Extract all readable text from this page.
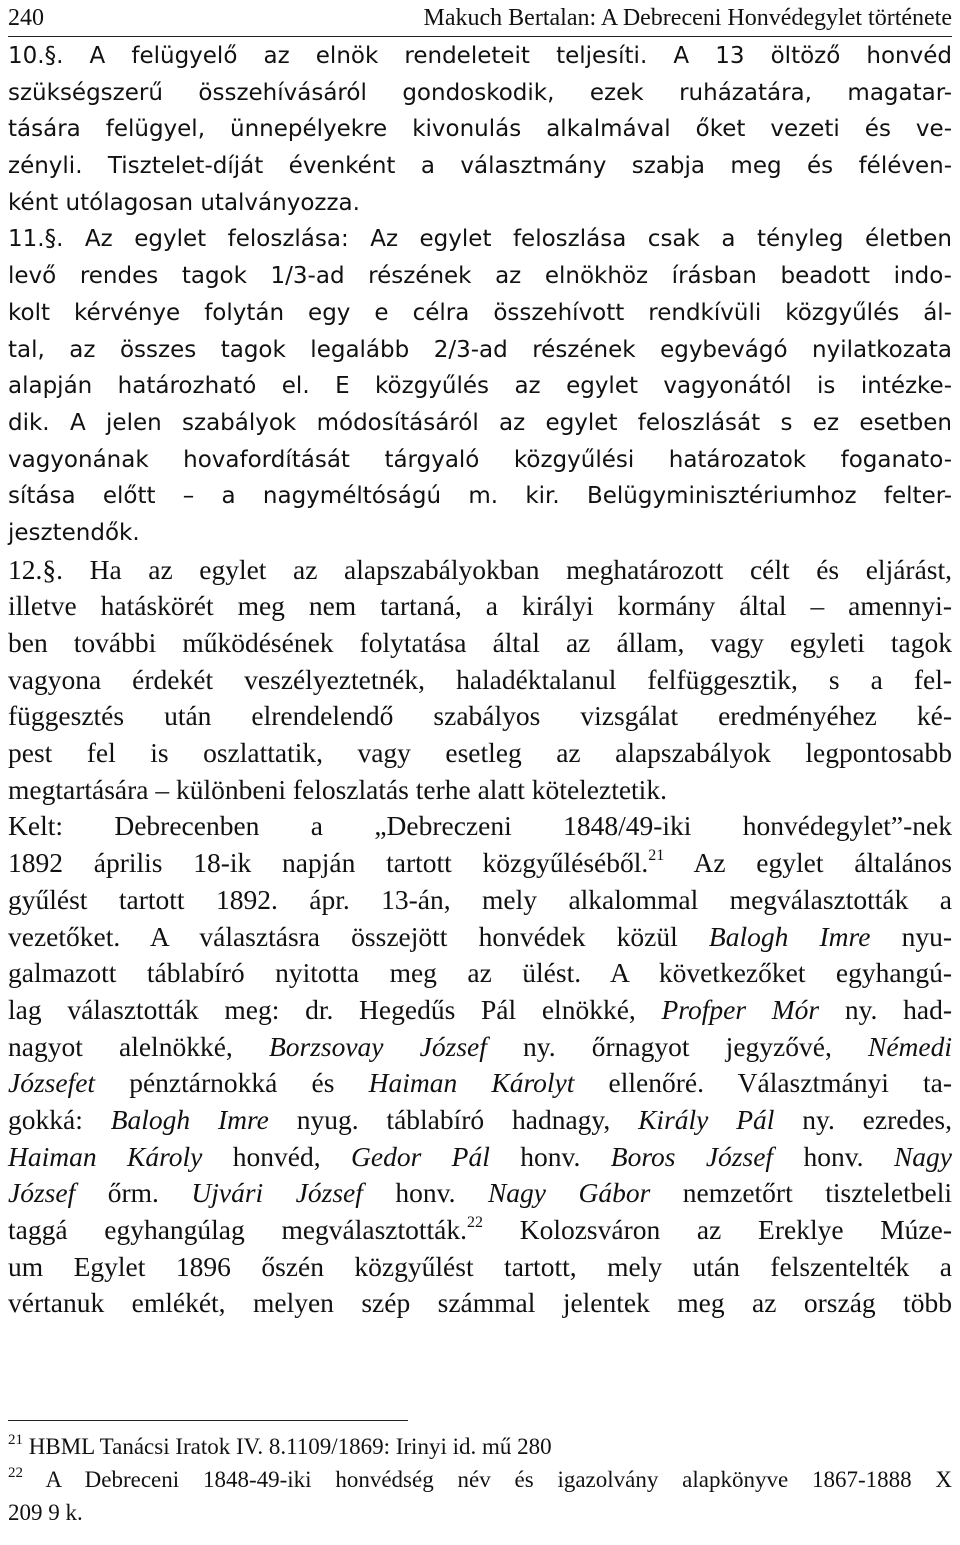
240	Makuch Bertalan: A Debreceni Honvédegylet története
10.§. A felügyelő az elnök rendeleteit teljesíti. A 13 öltöző honvéd
szükségszerű összehívásáról gondoskodik, ezek ruházatára, magatar-
tására felügyel, ünnepélyekre kivonulás alkalmával őket vezeti és ve-
zényli. Tisztelet-díját évenként a választmány szabja meg és féléven-
ként utólagosan utalványozza.
11.§. Az egylet feloszlása: Az egylet feloszlása csak a tényleg életben
levő rendes tagok 1/3-ad részének az elnökhöz írásban beadott indo-
kolt kérvénye folytán egy e célra összehívott rendkívüli közgyűlés ál-
tal, az összes tagok legalább 2/3-ad részének egybevágó nyilatkozata
alapján határozható el. E közgyűlés az egylet vagyonától is intézke-
dik. A jelen szabályok módosításáról az egylet feloszlását s ez esetben
vagyonának hovafordítását tárgyaló közgyűlési határozatok foganato-
sítása előtt – a nagyméltóságú m. kir. Belügyminisztériumhoz felter-
jesztendők.
12.§. Ha az egylet az alapszabályokban meghatározott célt és eljárást,
illetve hatáskörét meg nem tartaná, a királyi kormány által – amennyi-
ben további működésének folytatása által az állam, vagy egyleti tagok
vagyona érdekét veszélyeztetnék, haladéktalanul felfüggesztik, s a fel-
függesztés után elrendelendő szabályos vizsgálat eredményéhez ké-
pest fel is oszlattatik, vagy esetleg az alapszabályok legpontosabb
megtartására – különbeni feloszlatás terhe alatt köteleztetik.
Kelt: Debrecenben a „Debreczeni 1848/49-iki honvédegylet”-nek
1892 április 18-ik napján tartott közgyűléséből.$^{21}$ Az egylet általános
gyűlést tartott 1892. ápr. 13-án, mely alkalommal megválasztották a
vezetőket. A választásra összejött honvédek közül Balogh Imre nyu-
galmazott táblabíró nyitotta meg az ülést. A következőket egyhangú-
lag választották meg: dr. Hegedűs Pál elnökké, Profper Mór ny. had-
nagyot alelnökké, Borzsovay József ny. őrnagyot jegyzővé, Némedi
Józsefet pénztárnokká és Haiman Károlyt ellenőré. Választmányi ta-
gokká: Balogh Imre nyug. táblabíró hadnagy, Király Pál ny. ezredes,
Haiman Károly honvéd, Gedor Pál honv. Boros József honv. Nagy
József őrm. Ujvári József honv. Nagy Gábor nemzetőrt tiszteletbeli
taggá egyhangúlag megválasztották.$^{22}$ Kolozsváron az Ereklye Múze-
um Egylet 1896 őszén közgyűlést tartott, mely után felszentelték a
vértanuk emlékét, melyen szép számmal jelentek meg az ország több
$^{21}$ HBML Tanácsi Iratok IV. 8.1109/1869: Irinyi id. mű 280
$^{22}$ A Debreceni 1848-49-iki honvédség név és igazolvány alapkönyve 1867-1888 X
209 9 k.
